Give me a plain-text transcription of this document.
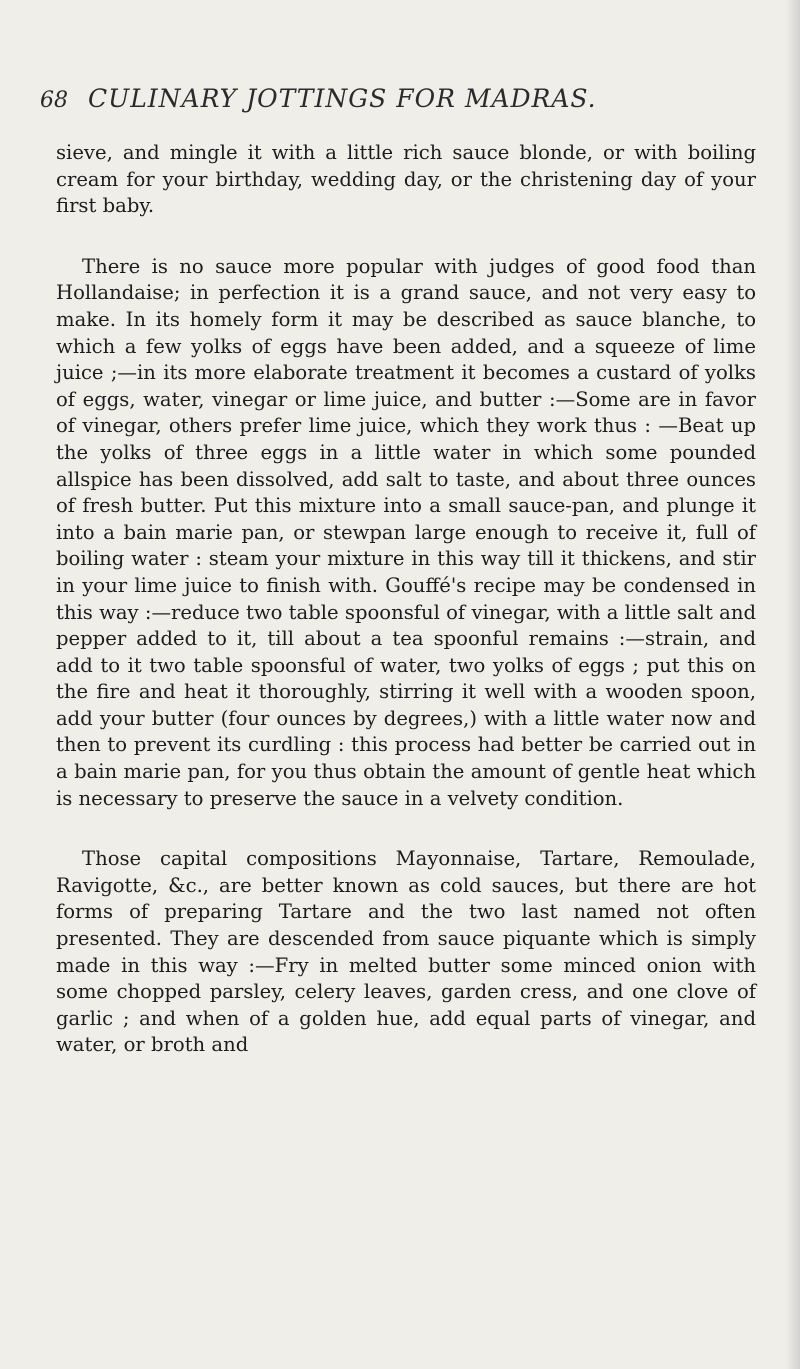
68 CULINARY JOTTINGS FOR MADRAS.

sieve, and mingle it with a little rich sauce blonde, or with boiling cream for your birthday, wedding day, or the christening day of your first baby.

There is no sauce more popular with judges of good food than Hollandaise; in perfection it is a grand sauce, and not very easy to make. In its homely form it may be described as sauce blanche, to which a few yolks of eggs have been added, and a squeeze of lime juice ;—in its more elaborate treatment it becomes a custard of yolks of eggs, water, vinegar or lime juice, and butter :—Some are in favor of vinegar, others prefer lime juice, which they work thus : —Beat up the yolks of three eggs in a little water in which some pounded allspice has been dissolved, add salt to taste, and about three ounces of fresh butter. Put this mixture into a small sauce-pan, and plunge it into a bain marie pan, or stewpan large enough to receive it, full of boiling water : steam your mixture in this way till it thickens, and stir in your lime juice to finish with. Gouffé's recipe may be condensed in this way :—reduce two table spoonsful of vinegar, with a little salt and pepper added to it, till about a tea spoonful remains :—strain, and add to it two table spoonsful of water, two yolks of eggs ; put this on the fire and heat it thoroughly, stirring it well with a wooden spoon, add your butter (four ounces by degrees,) with a little water now and then to prevent its curdling : this process had better be carried out in a bain marie pan, for you thus obtain the amount of gentle heat which is necessary to preserve the sauce in a velvety condition.

Those capital compositions Mayonnaise, Tartare, Remoulade, Ravigotte, &c., are better known as cold sauces, but there are hot forms of preparing Tartare and the two last named not often presented. They are descended from sauce piquante which is simply made in this way :—Fry in melted butter some minced onion with some chopped parsley, celery leaves, garden cress, and one clove of garlic ; and when of a golden hue, add equal parts of vinegar, and water, or broth and
